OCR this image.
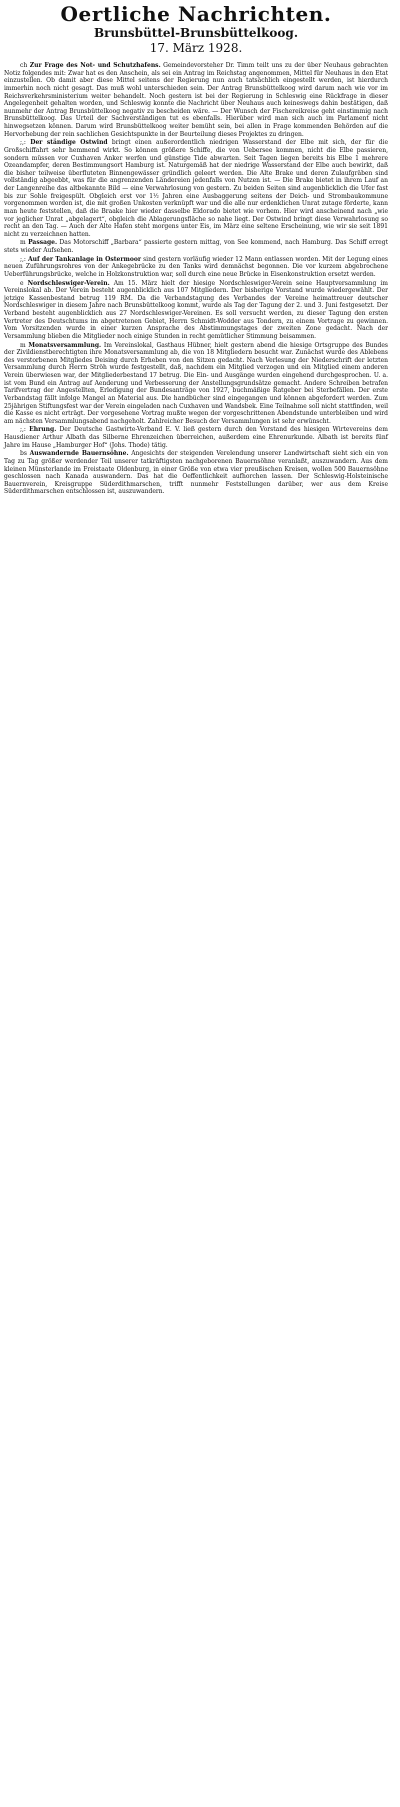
Oertliche Nachrichten.

Brunsbüttel-Brunsbüttelkoog.
17. März 1928.

ch Zur Frage des Not- und Schutzhafens. Gemeindevorsteher Dr. Timm teilt uns zu der über Neuhaus gebrachten Notiz folgendes mit: Zwar hat es den Anschein, als sei ein Antrag im Reichstag angenommen, Mittel für Neuhaus in den Etat einzustellen. Ob damit aber diese Mittel seitens der Regierung nun auch tatsächlich eingestellt werden, ist hierdurch immerhin noch nicht gesagt. Das muß wohl unterschieden sein. Der Antrag Brunsbüttelkoog wird darum nach wie vor im Reichsverkehrsministerium weiter behandelt. Noch gestern ist bei der Regierung in Schleswig eine Rückfrage in dieser Angelegenheit gehalten worden, und Schleswig konnte die Nachricht über Neuhaus auch keineswegs dahin bestätigen, daß nunmehr der Antrag Brunsbüttelkoog negativ zu bescheiden wäre. — Der Wunsch der Fischereikreise geht einstimmig nach Brunsbüttelkoog. Das Urteil der Sachverständigen tut es ebenfalls. Hierüber wird man sich auch im Parlament nicht hinwegsetzen können. Darum wird Brunsbüttelkoog weiter bemüht sein, bei allen in Frage kommenden Behörden auf die Hervorhebung der rein sachlichen Gesichtspunkte in der Beurteilung dieses Projektes zu dringen.

;,: Der ständige Ostwind bringt einen außerordentlich niedrigen Wasserstand der Elbe mit sich, der für die Großschiffahrt sehr hemmend wirkt. So können größere Schiffe, die von Uebersee kommen, nicht die Elbe passieren, sondern müssen vor Cuxhaven Anker werfen und günstige Tide abwarten. Seit Tagen liegen bereits bis Elbe 1 mehrere Ozeandampfer, deren Bestimmungsort Hamburg ist. Naturgemäß hat der niedrige Wasserstand der Elbe auch bewirkt, daß die bisher teilweise überfluteten Binnengewässer gründlich geleert werden. Die Alte Brake und deren Zulaufgräben sind vollständig abgeebbt, was für die angrenzenden Ländereien jedenfalls von Nutzen ist. — Die Brake bietet in ihrem Lauf an der Langenreihe das altbekannte Bild — eine Verwahrlosung von gestern. Zu beiden Seiten sind augenblicklich die Ufer fast bis zur Sohle freigespült. Obgleich erst vor 1½ Jahren eine Ausbaggerung seitens der Deich- und Strombaukommune vorgenommen worden ist, die mit großen Unkosten verknüpft war und die alle nur erdenklichen Unrat zutage förderte, kann man heute feststellen, daß die Braake hier wieder dasselbe Eldorado bietet wie vorhem. Hier wird anscheinend nach „wie vor jeglicher Unrat „abgelagert“, obgleich die Ablagerungsfläche so nahe liegt. Der Ostwind bringt diese Verwahrlosung so recht an den Tag. — Auch der Alte Hafen steht morgens unter Eis, im März eine seltene Erscheinung, wie wir sie seit 1891 nicht zu verzeichnen hatten.

m Passage. Das Motorschiff „Barbara“ passierte gestern mittag, von See kommend, nach Hamburg. Das Schiff erregt stets wieder Aufsehen.

;,: Auf der Tankanlage in Ostermoor sind gestern vorläufig wieder 12 Mann entlassen worden. Mit der Legung eines neuen Zuführungsrohres von der Ankegebrücke zu den Tanks wird demnächst begonnen. Die vor kurzem abgebrochene Ueberführungsbrücke, welche in Holzkonstruktion war, soll durch eine neue Brücke in Eisenkonstruktion ersetzt werden.

e Nordschleswiger-Verein. Am 15. März hielt der hiesige Nordschleswiger-Verein seine Hauptversammlung im Vereinslokal ab. Der Verein besteht augenblicklich aus 107 Mitgliedern. Der bisherige Vorstand wurde wiedergewählt. Der jetzige Kassenbestand betrug 119 RM. Da die Verbandstagung des Verbandes der Vereine heimattreuer deutscher Nordschleswiger in diesem Jahre nach Brunsbüttelkoog kommt, wurde als Tag der Tagung der 2. und 3. Juni festgesetzt. Der Verband besteht augenblicklich aus 27 Nordschleswiger-Vereinen. Es soll versucht werden, zu dieser Tagung den ersten Vertreter des Deutschtums im abgetretenen Gebiet, Herrn Schmidt-Wodder aus Tondern, zu einem Vortrage zu gewinnen. Vom Vorsitzenden wurde in einer kurzen Ansprache des Abstimmungstages der zweiten Zone gedacht. Nach der Versammlung blieben die Mitglieder noch einige Stunden in recht gemütlicher Stimmung beisammen.

m Monatsversammlung. Im Vereinslokal, Gasthaus Hübner, hielt gestern abend die hiesige Ortsgruppe des Bundes der Zivildienstberechtigten ihre Monatsversammlung ab, die von 18 Mitgliedern besucht war. Zunächst wurde des Ablebens des verstorbenen Mitgliedes Deising durch Erheben von den Sitzen gedacht. Nach Verlesung der Niederschrift der letzten Versammlung durch Herrn Ströh wurde festgestellt, daß, nachdem ein Mitglied verzogen und ein Mitglied einem anderen Verein überwiesen war, der Mitgliederbestand 17 betrug. Die Ein- und Ausgänge wurden eingehend durchgesprochen. U. a. ist vom Bund ein Antrag auf Aenderung und Verbesserung der Anstellungsgrundsätze gemacht. Andere Schreiben betrafen Tarifvertrag der Angestellten, Erledigung der Bundesanträge von 1927, buchmäßige Ratgeber bei Sterbefällen. Der erste Verbandstag fällt infolge Mangel an Material aus. Die handbücher sind eingegangen und können abgefordert werden. Zum 25jährigen Stiftungsfest war der Verein eingeladen nach Cuxhaven und Wandsbek. Eine Teilnahme soll nicht stattfinden, weil die Kasse es nicht erträgt. Der vorgesehene Vortrag mußte wegen der vorgeschrittenen Abendstunde unterbleiben und wird am nächsten Versammlungsabend nachgeholt. Zahlreicher Besuch der Versammlungen ist sehr erwünscht.

;,: Ehrung. Der Deutsche Gastwirte-Verband E. V. ließ gestern durch den Vorstand des hiesigen Wirtevereins dem Hausdiener Arthur Albath das Silberne Ehrenzeichen überreichen, außerdem eine Ehrenurkunde. Albath ist bereits fünf Jahre im Hause „Hamburger Hof“ (Johs. Thode) tätig.

bs Auswandernde Bauernsöhne. Angesichts der steigenden Verelendung unserer Landwirtschaft sieht sich ein von Tag zu Tag größer werdender Teil unserer tatkräftigsten nachgeborenen Bauernsöhne veranlaßt, auszuwandern. Aus dem kleinen Münsterlande im Freistaate Oldenburg, in einer Größe von etwa vier preußischen Kreisen, wollen 500 Bauernsöhne geschlossen nach Kanada auswandern. Das hat die Oeffentlichkeit aufhorchen lassen. Der Schleswig-Holsteinische Bauernverein, Kreisgruppe Süderdithmarschen, trifft nunmehr Feststellungen darüber, wer aus dem Kreise Süderdithmarschen entschlossen ist, auszuwandern.
